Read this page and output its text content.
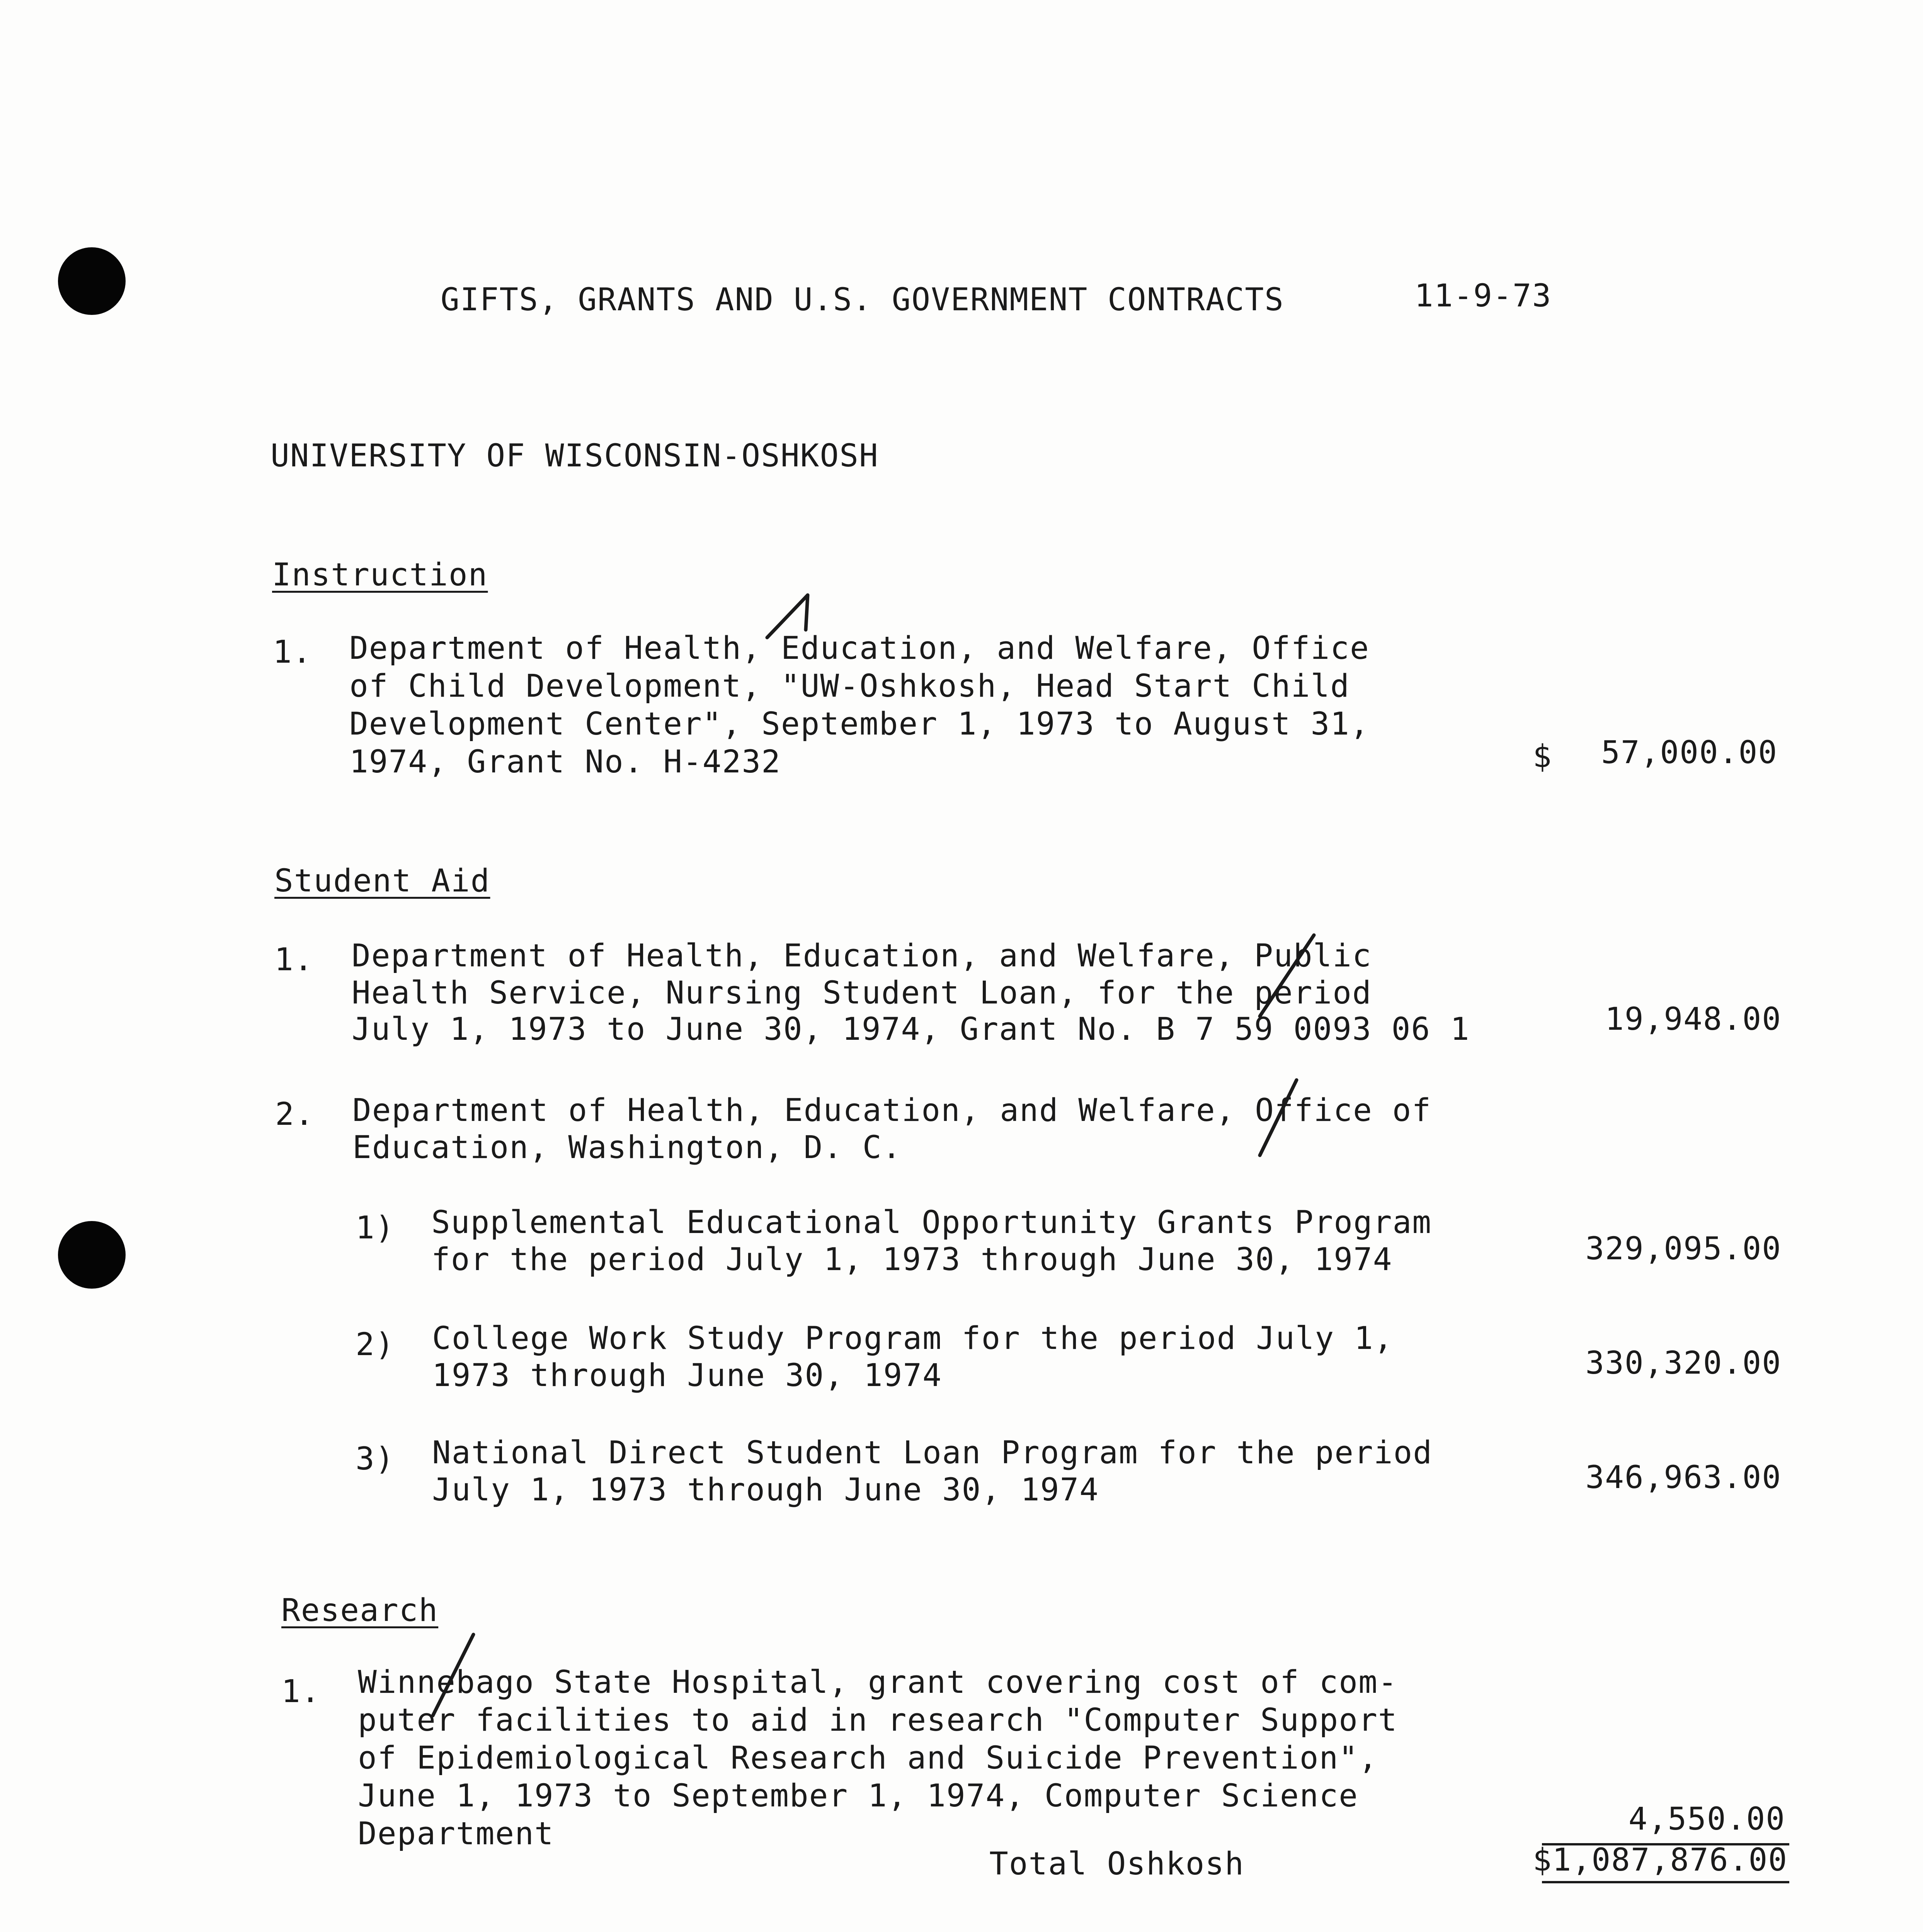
GIFTS, GRANTS AND U.S. GOVERNMENT CONTRACTS	11-9-73
UNIVERSITY OF WISCONSIN-OSHKOSH
Instruction
1. Department of Health, Education, and Welfare, Office
of Child Development, "UW-Oshkosh, Head Start Child
Development Center", September 1, 1973 to August 31,
1974, Grant No. H-4232	$	57,000.00
Student Aid
1. Department of Health, Education, and Welfare, Public
Health Service, Nursing Student Loan, for the period
July 1, 1973 to June 30, 1974, Grant No. B 7 59 0093 06 1	19,948.00
2. Department of Health, Education, and Welfare, Office of
Education, Washington, D. C.
1) Supplemental Educational Opportunity Grants Program
for the period July 1, 1973 through June 30, 1974	329,095.00
2) College Work Study Program for the period July 1,
1973 through June 30, 1974	330,320.00
3) National Direct Student Loan Program for the period
July 1, 1973 through June 30, 1974	346,963.00
Research
1. Winnebago State Hospital, grant covering cost of com-
puter facilities to aid in research "Computer Support
of Epidemiological Research and Suicide Prevention",
June 1, 1973 to September 1, 1974, Computer Science
Department	4,550.00
Total Oshkosh	$1,087,876.00
